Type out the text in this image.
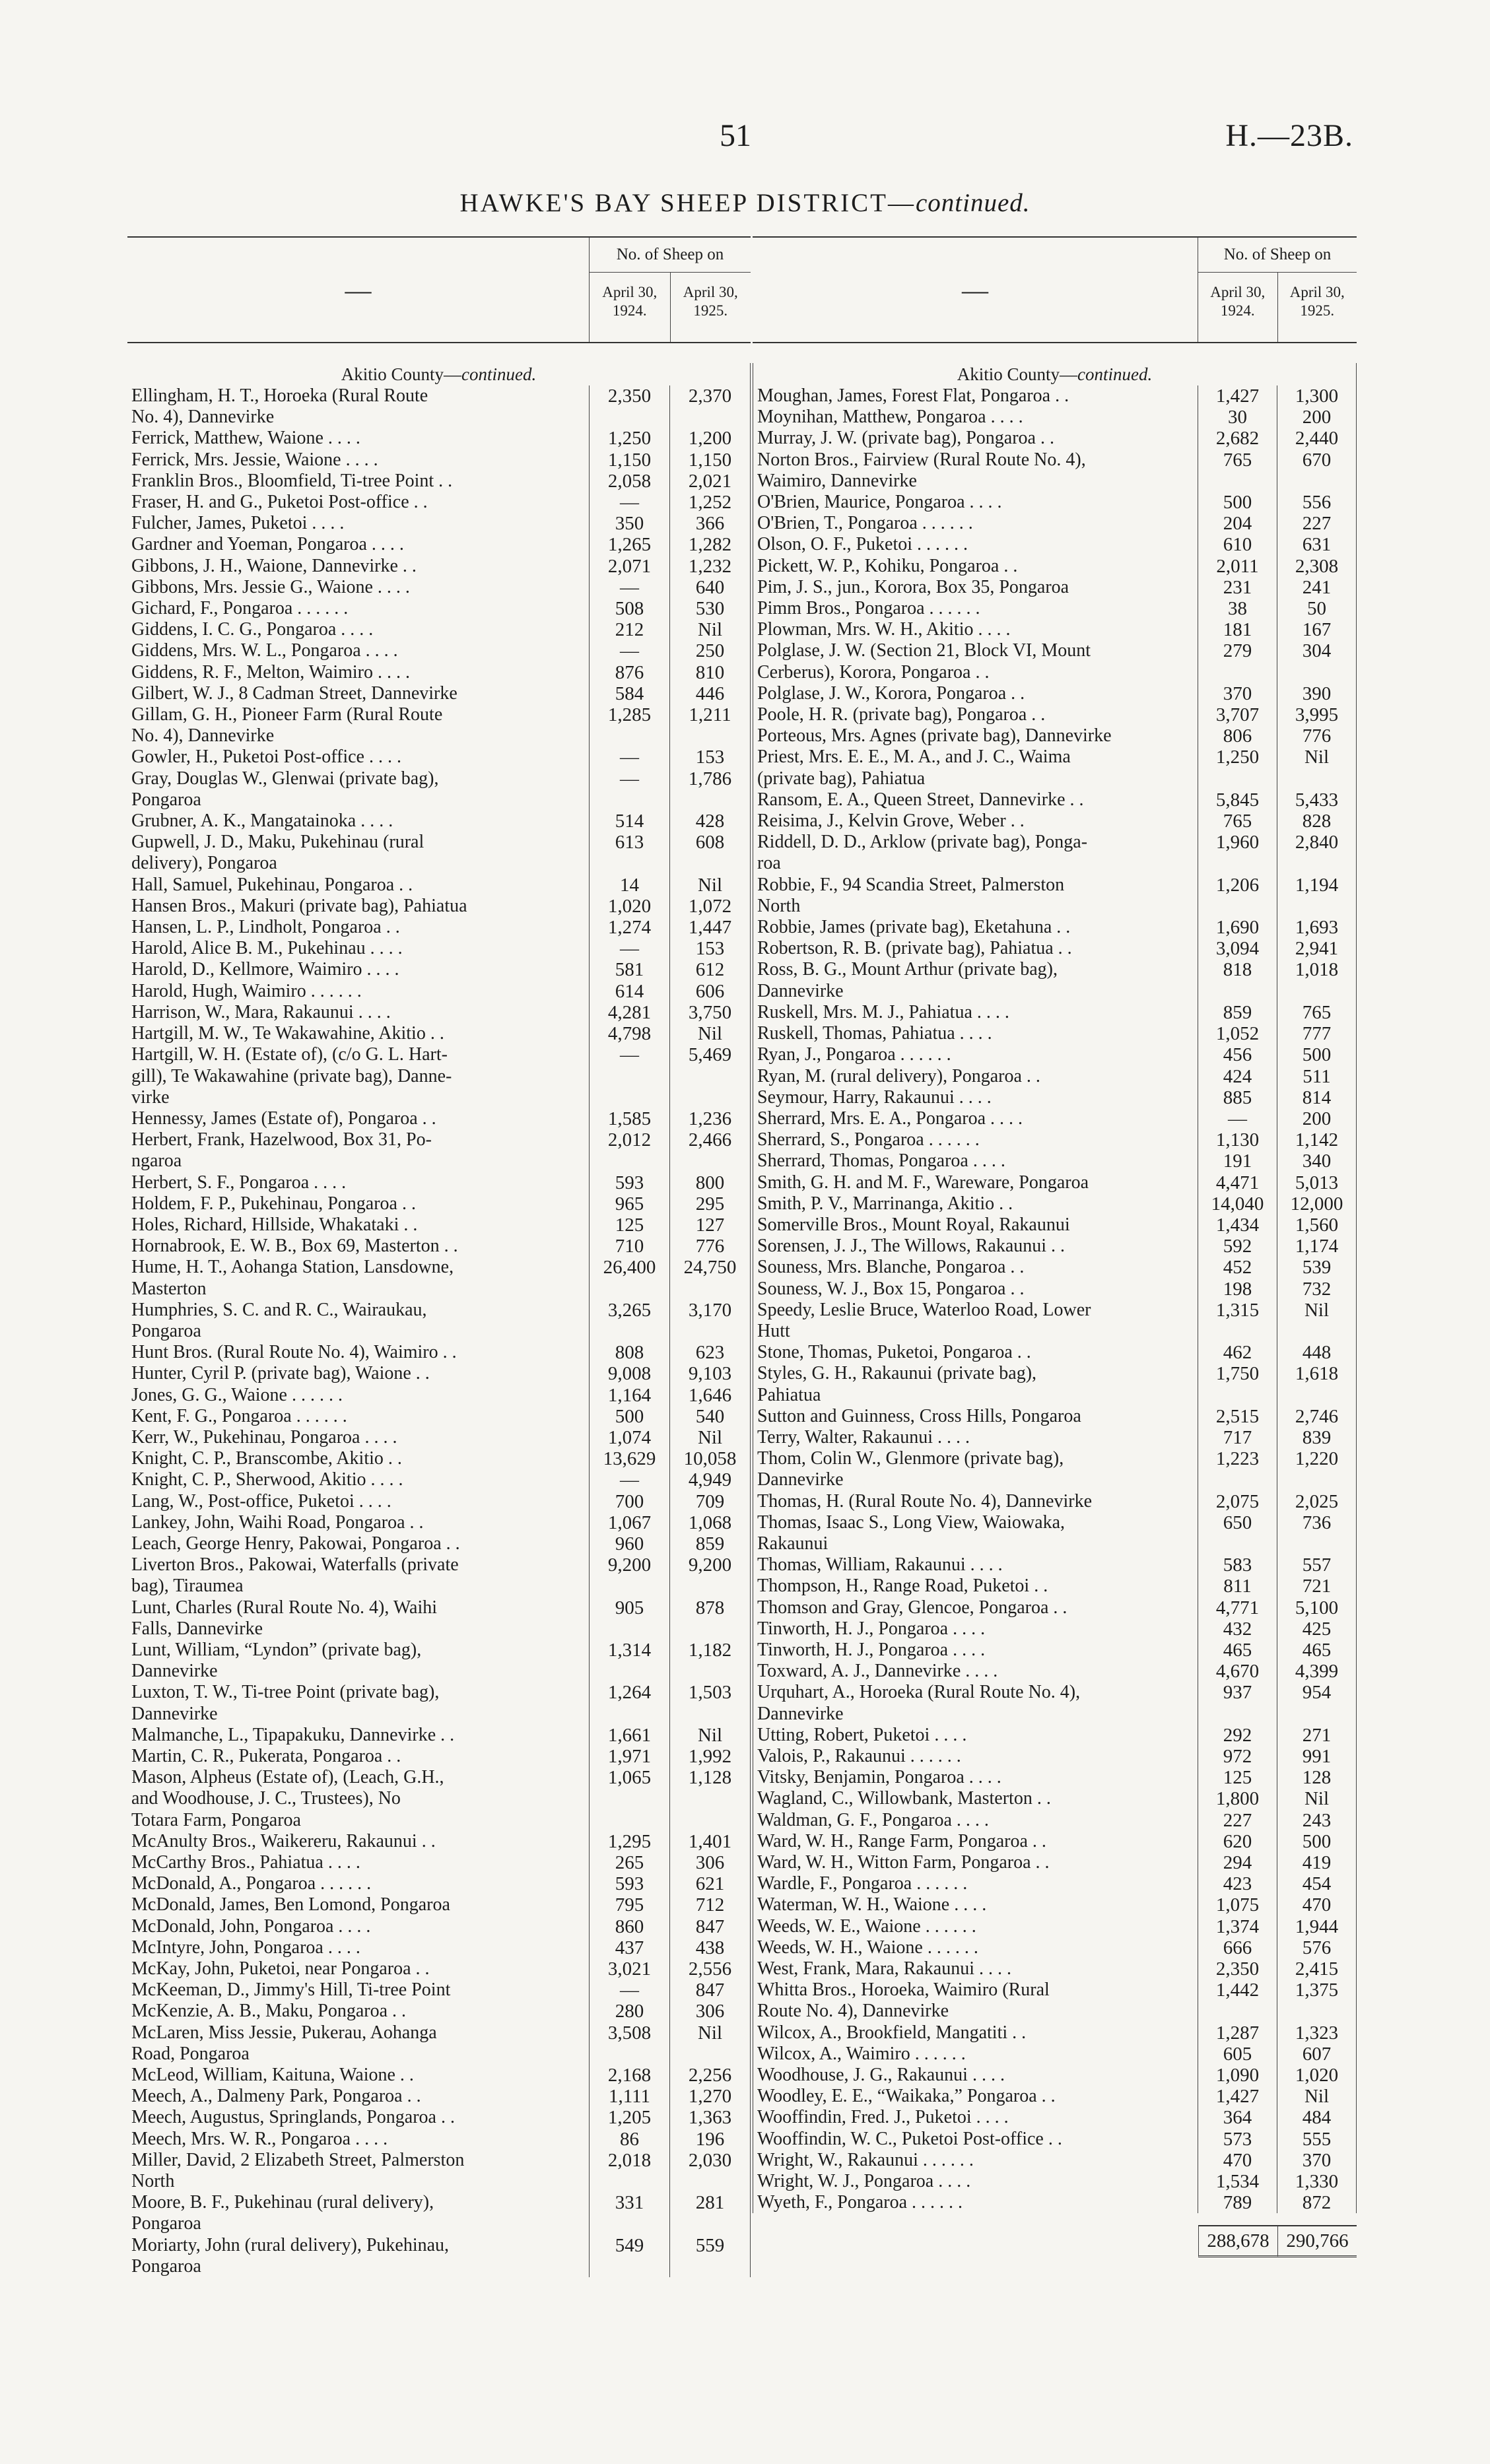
51	H.—23B.
HAWKE'S BAY SHEEP DISTRICT—continued.
—
No. of Sheep on
April 30, 1924.
April 30, 1925.
Akitio County—continued.
Ellingham, H. T., Horoeka (Rural Route	2,350	2,370
No. 4), Dannevirke
Ferrick, Matthew, Waione . . . .	1,250	1,200
Ferrick, Mrs. Jessie, Waione . . . .	1,150	1,150
Franklin Bros., Bloomfield, Ti-tree Point . .	2,058	2,021
Fraser, H. and G., Puketoi Post-office . .	—	1,252
Fulcher, James, Puketoi . . . .	350	366
Gardner and Yoeman, Pongaroa . . . .	1,265	1,282
Gibbons, J. H., Waione, Dannevirke . .	2,071	1,232
Gibbons, Mrs. Jessie G., Waione . . . .	—	640
Gichard, F., Pongaroa . . . . . .	508	530
Giddens, I. C. G., Pongaroa . . . .	212	Nil
Giddens, Mrs. W. L., Pongaroa . . . .	—	250
Giddens, R. F., Melton, Waimiro . . . .	876	810
Gilbert, W. J., 8 Cadman Street, Dannevirke	584	446
Gillam, G. H., Pioneer Farm (Rural Route	1,285	1,211
No. 4), Dannevirke
Gowler, H., Puketoi Post-office . . . .	—	153
Gray, Douglas W., Glenwai (private bag),	—	1,786
Pongaroa
Grubner, A. K., Mangatainoka . . . .	514	428
Gupwell, J. D., Maku, Pukehinau (rural	613	608
delivery), Pongaroa
Hall, Samuel, Pukehinau, Pongaroa . .	14	Nil
Hansen Bros., Makuri (private bag), Pahiatua	1,020	1,072
Hansen, L. P., Lindholt, Pongaroa . .	1,274	1,447
Harold, Alice B. M., Pukehinau . . . .	—	153
Harold, D., Kellmore, Waimiro . . . .	581	612
Harold, Hugh, Waimiro . . . . . .	614	606
Harrison, W., Mara, Rakaunui . . . .	4,281	3,750
Hartgill, M. W., Te Wakawahine, Akitio . .	4,798	Nil
Hartgill, W. H. (Estate of), (c/o G. L. Hart-	—	5,469
gill), Te Wakawahine (private bag), Danne-
virke
Hennessy, James (Estate of), Pongaroa . .	1,585	1,236
Herbert, Frank, Hazelwood, Box 31, Po-	2,012	2,466
ngaroa
Herbert, S. F., Pongaroa . . . .	593	800
Holdem, F. P., Pukehinau, Pongaroa . .	965	295
Holes, Richard, Hillside, Whakataki . .	125	127
Hornabrook, E. W. B., Box 69, Masterton . .	710	776
Hume, H. T., Aohanga Station, Lansdowne,	26,400	24,750
Masterton
Humphries, S. C. and R. C., Wairaukau,	3,265	3,170
Pongaroa
Hunt Bros. (Rural Route No. 4), Waimiro . .	808	623
Hunter, Cyril P. (private bag), Waione . .	9,008	9,103
Jones, G. G., Waione . . . . . .	1,164	1,646
Kent, F. G., Pongaroa . . . . . .	500	540
Kerr, W., Pukehinau, Pongaroa . . . .	1,074	Nil
Knight, C. P., Branscombe, Akitio . .	13,629	10,058
Knight, C. P., Sherwood, Akitio . . . .	—	4,949
Lang, W., Post-office, Puketoi . . . .	700	709
Lankey, John, Waihi Road, Pongaroa . .	1,067	1,068
Leach, George Henry, Pakowai, Pongaroa . .	960	859
Liverton Bros., Pakowai, Waterfalls (private	9,200	9,200
bag), Tiraumea
Lunt, Charles (Rural Route No. 4), Waihi	905	878
Falls, Dannevirke
Lunt, William, “Lyndon” (private bag),	1,314	1,182
Dannevirke
Luxton, T. W., Ti-tree Point (private bag),	1,264	1,503
Dannevirke
Malmanche, L., Tipapakuku, Dannevirke . .	1,661	Nil
Martin, C. R., Pukerata, Pongaroa . .	1,971	1,992
Mason, Alpheus (Estate of), (Leach, G.H.,	1,065	1,128
and Woodhouse, J. C., Trustees), No
Totara Farm, Pongaroa
McAnulty Bros., Waikereru, Rakaunui . .	1,295	1,401
McCarthy Bros., Pahiatua . . . .	265	306
McDonald, A., Pongaroa . . . . . .	593	621
McDonald, James, Ben Lomond, Pongaroa	795	712
McDonald, John, Pongaroa . . . .	860	847
McIntyre, John, Pongaroa . . . .	437	438
McKay, John, Puketoi, near Pongaroa . .	3,021	2,556
McKeeman, D., Jimmy's Hill, Ti-tree Point	—	847
McKenzie, A. B., Maku, Pongaroa . .	280	306
McLaren, Miss Jessie, Pukerau, Aohanga	3,508	Nil
Road, Pongaroa
McLeod, William, Kaituna, Waione . .	2,168	2,256
Meech, A., Dalmeny Park, Pongaroa . .	1,111	1,270
Meech, Augustus, Springlands, Pongaroa . .	1,205	1,363
Meech, Mrs. W. R., Pongaroa . . . .	86	196
Miller, David, 2 Elizabeth Street, Palmerston	2,018	2,030
North
Moore, B. F., Pukehinau (rural delivery),	331	281
Pongaroa
Moriarty, John (rural delivery), Pukehinau,	549	559
Pongaroa
—
No. of Sheep on
April 30, 1924.
April 30, 1925.
Akitio County—continued.
Moughan, James, Forest Flat, Pongaroa . .	1,427	1,300
Moynihan, Matthew, Pongaroa . . . .	30	200
Murray, J. W. (private bag), Pongaroa . .	2,682	2,440
Norton Bros., Fairview (Rural Route No. 4),	765	670
Waimiro, Dannevirke
O'Brien, Maurice, Pongaroa . . . .	500	556
O'Brien, T., Pongaroa . . . . . .	204	227
Olson, O. F., Puketoi . . . . . .	610	631
Pickett, W. P., Kohiku, Pongaroa . .	2,011	2,308
Pim, J. S., jun., Korora, Box 35, Pongaroa	231	241
Pimm Bros., Pongaroa . . . . . .	38	50
Plowman, Mrs. W. H., Akitio . . . .	181	167
Polglase, J. W. (Section 21, Block VI, Mount	279	304
Cerberus), Korora, Pongaroa . .
Polglase, J. W., Korora, Pongaroa . .	370	390
Poole, H. R. (private bag), Pongaroa . .	3,707	3,995
Porteous, Mrs. Agnes (private bag), Dannevirke	806	776
Priest, Mrs. E. E., M. A., and J. C., Waima	1,250	Nil
(private bag), Pahiatua
Ransom, E. A., Queen Street, Dannevirke . .	5,845	5,433
Reisima, J., Kelvin Grove, Weber . .	765	828
Riddell, D. D., Arklow (private bag), Ponga-	1,960	2,840
roa
Robbie, F., 94 Scandia Street, Palmerston	1,206	1,194
North
Robbie, James (private bag), Eketahuna . .	1,690	1,693
Robertson, R. B. (private bag), Pahiatua . .	3,094	2,941
Ross, B. G., Mount Arthur (private bag),	818	1,018
Dannevirke
Ruskell, Mrs. M. J., Pahiatua . . . .	859	765
Ruskell, Thomas, Pahiatua . . . .	1,052	777
Ryan, J., Pongaroa . . . . . .	456	500
Ryan, M. (rural delivery), Pongaroa . .	424	511
Seymour, Harry, Rakaunui . . . .	885	814
Sherrard, Mrs. E. A., Pongaroa . . . .	—	200
Sherrard, S., Pongaroa . . . . . .	1,130	1,142
Sherrard, Thomas, Pongaroa . . . .	191	340
Smith, G. H. and M. F., Wareware, Pongaroa	4,471	5,013
Smith, P. V., Marrinanga, Akitio . .	14,040	12,000
Somerville Bros., Mount Royal, Rakaunui	1,434	1,560
Sorensen, J. J., The Willows, Rakaunui . .	592	1,174
Souness, Mrs. Blanche, Pongaroa . .	452	539
Souness, W. J., Box 15, Pongaroa . .	198	732
Speedy, Leslie Bruce, Waterloo Road, Lower	1,315	Nil
Hutt
Stone, Thomas, Puketoi, Pongaroa . .	462	448
Styles, G. H., Rakaunui (private bag),	1,750	1,618
Pahiatua
Sutton and Guinness, Cross Hills, Pongaroa	2,515	2,746
Terry, Walter, Rakaunui . . . .	717	839
Thom, Colin W., Glenmore (private bag),	1,223	1,220
Dannevirke
Thomas, H. (Rural Route No. 4), Dannevirke	2,075	2,025
Thomas, Isaac S., Long View, Waiowaka,	650	736
Rakaunui
Thomas, William, Rakaunui . . . .	583	557
Thompson, H., Range Road, Puketoi . .	811	721
Thomson and Gray, Glencoe, Pongaroa . .	4,771	5,100
Tinworth, H. J., Pongaroa . . . .	432	425
Tinworth, H. J., Pongaroa . . . .	465	465
Toxward, A. J., Dannevirke . . . .	4,670	4,399
Urquhart, A., Horoeka (Rural Route No. 4),	937	954
Dannevirke
Utting, Robert, Puketoi . . . .	292	271
Valois, P., Rakaunui . . . . . .	972	991
Vitsky, Benjamin, Pongaroa . . . .	125	128
Wagland, C., Willowbank, Masterton . .	1,800	Nil
Waldman, G. F., Pongaroa . . . .	227	243
Ward, W. H., Range Farm, Pongaroa . .	620	500
Ward, W. H., Witton Farm, Pongaroa . .	294	419
Wardle, F., Pongaroa . . . . . .	423	454
Waterman, W. H., Waione . . . .	1,075	470
Weeds, W. E., Waione . . . . . .	1,374	1,944
Weeds, W. H., Waione . . . . . .	666	576
West, Frank, Mara, Rakaunui . . . .	2,350	2,415
Whitta Bros., Horoeka, Waimiro (Rural	1,442	1,375
Route No. 4), Dannevirke
Wilcox, A., Brookfield, Mangatiti . .	1,287	1,323
Wilcox, A., Waimiro . . . . . .	605	607
Woodhouse, J. G., Rakaunui . . . .	1,090	1,020
Woodley, E. E., “Waikaka,” Pongaroa . .	1,427	Nil
Wooffindin, Fred. J., Puketoi . . . .	364	484
Wooffindin, W. C., Puketoi Post-office . .	573	555
Wright, W., Rakaunui . . . . . .	470	370
Wright, W. J., Pongaroa . . . .	1,534	1,330
Wyeth, F., Pongaroa . . . . . .	789	872
288,678 290,766
